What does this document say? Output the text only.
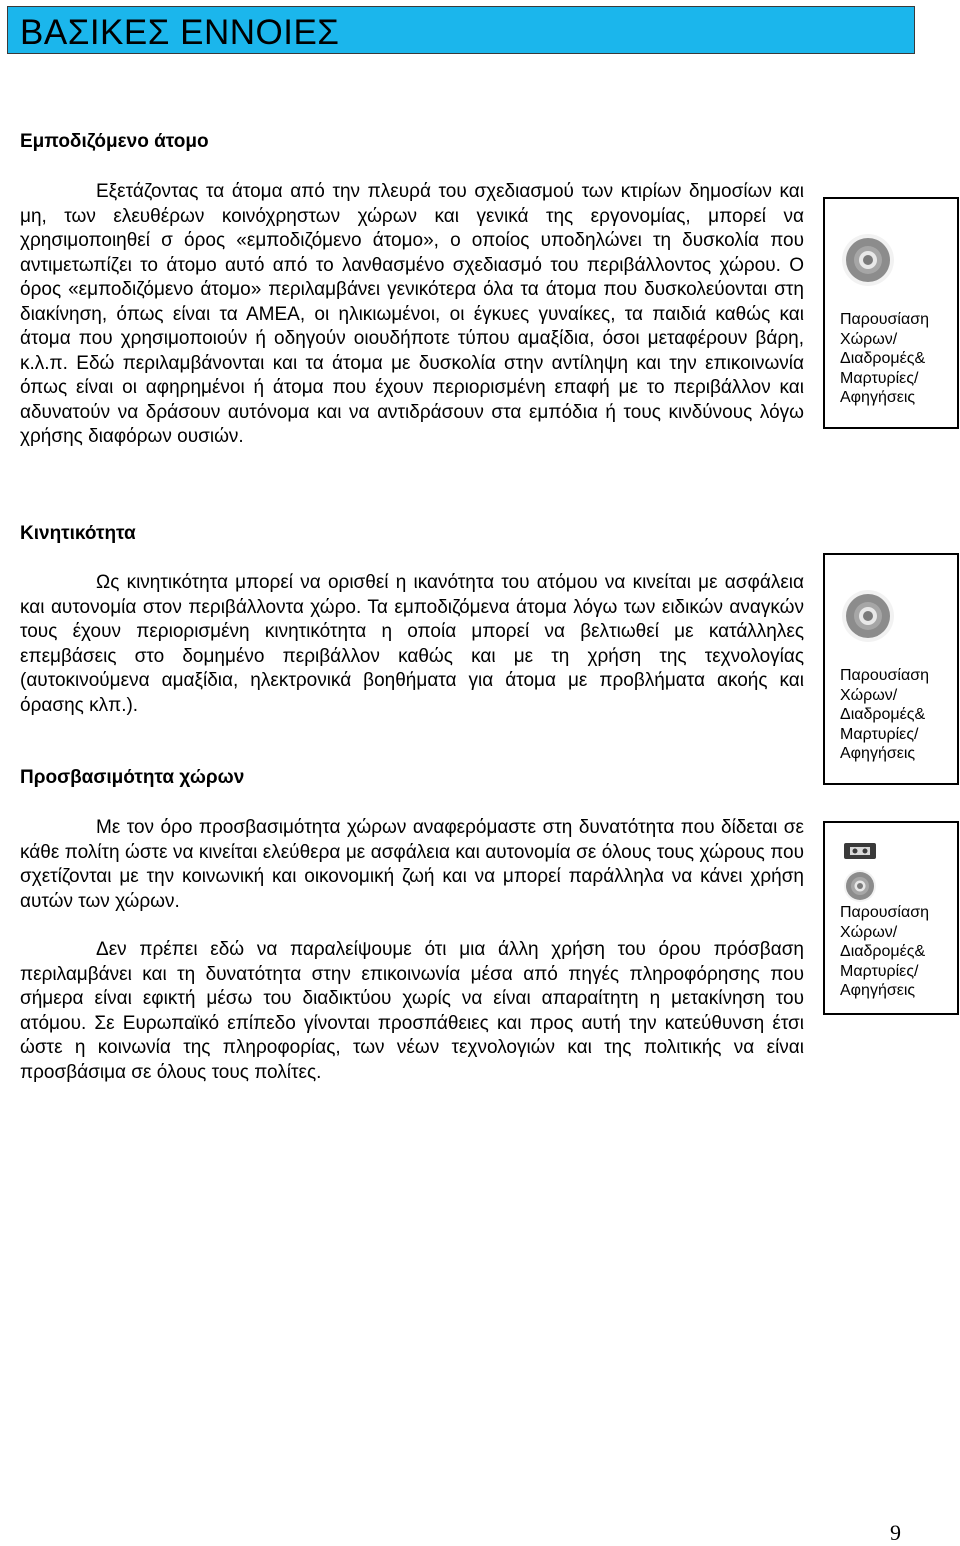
ΒΑΣΙΚΕΣ ΕΝΝΟΙΕΣ
Εμποδιζόμενο άτομο

Εξετάζοντας τα άτομα από την πλευρά του σχεδιασμού των κτιρίων δημοσίων και μη, των ελευθέρων κοινόχρηστων χώρων και γενικά της εργονομίας, μπορεί να χρησιμοποιηθεί σ όρος «εμποδιζόμενο άτομο», ο οποίος υποδηλώνει τη δυσκολία που αντιμετωπίζει το άτομο αυτό από το λανθασμένο σχεδιασμό του περιβάλλοντος χώρου. Ο όρος «εμποδιζόμενο άτομο» περιλαμβάνει γενικότερα όλα τα άτομα που δυσκολεύονται στη διακίνηση, όπως είναι τα ΑΜΕΑ, οι ηλικιωμένοι, οι έγκυες γυναίκες, τα παιδιά καθώς και άτομα που χρησιμοποιούν ή οδηγούν οιουδήποτε τύπου αμαξίδια, όσοι μεταφέρουν βάρη, κ.λ.π. Εδώ περιλαμβάνονται και τα άτομα με δυσκολία στην αντίληψη και την επικοινωνία όπως είναι οι αφηρημένοι ή άτομα που έχουν περιορισμένη επαφή με το περιβάλλον και αδυνατούν να δράσουν αυτόνομα και να αντιδράσουν στα εμπόδια ή τους κινδύνους λόγω χρήσης διαφόρων ουσιών.

Κινητικότητα

Ως κινητικότητα μπορεί να ορισθεί η ικανότητα του ατόμου να κινείται με ασφάλεια και αυτονομία στον περιβάλλοντα χώρο. Τα εμποδιζόμενα άτομα λόγω των ειδικών αναγκών τους έχουν περιορισμένη κινητικότητα η οποία μπορεί να βελτιωθεί με κατάλληλες επεμβάσεις στο δομημένο περιβάλλον καθώς και με τη χρήση της τεχνολογίας (αυτοκινούμενα αμαξίδια, ηλεκτρονικά βοηθήματα για άτομα με προβλήματα ακοής και όρασης κλπ.).

Προσβασιμότητα χώρων

Με τον όρο προσβασιμότητα χώρων αναφερόμαστε στη δυνατότητα που δίδεται σε κάθε πολίτη ώστε να κινείται ελεύθερα με ασφάλεια και αυτονομία σε όλους τους χώρους που σχετίζονται με την κοινωνική και οικονομική ζωή και να μπορεί παράλληλα να κάνει χρήση αυτών των χώρων.

Δεν πρέπει εδώ να παραλείψουμε ότι μια άλλη χρήση του όρου πρόσβαση περιλαμβάνει και τη δυνατότητα στην επικοινωνία μέσα από πηγές πληροφόρησης που σήμερα είναι εφικτή μέσω του διαδικτύου χωρίς να είναι απαραίτητη η μετακίνηση του ατόμου. Σε Ευρωπαϊκό επίπεδο γίνονται προσπάθειες και προς αυτή την κατεύθυνση έτσι ώστε η κοινωνία της πληροφορίας, των νέων τεχνολογιών και της πολιτικής να είναι προσβάσιμα σε όλους τους πολίτες.

Παρουσίαση
Χώρων/
Διαδρομές&
Μαρτυρίες/
Αφηγήσεις
Παρουσίαση
Χώρων/
Διαδρομές&
Μαρτυρίες/
Αφηγήσεις
Παρουσίαση
Χώρων/
Διαδρομές&
Μαρτυρίες/
Αφηγήσεις
9
